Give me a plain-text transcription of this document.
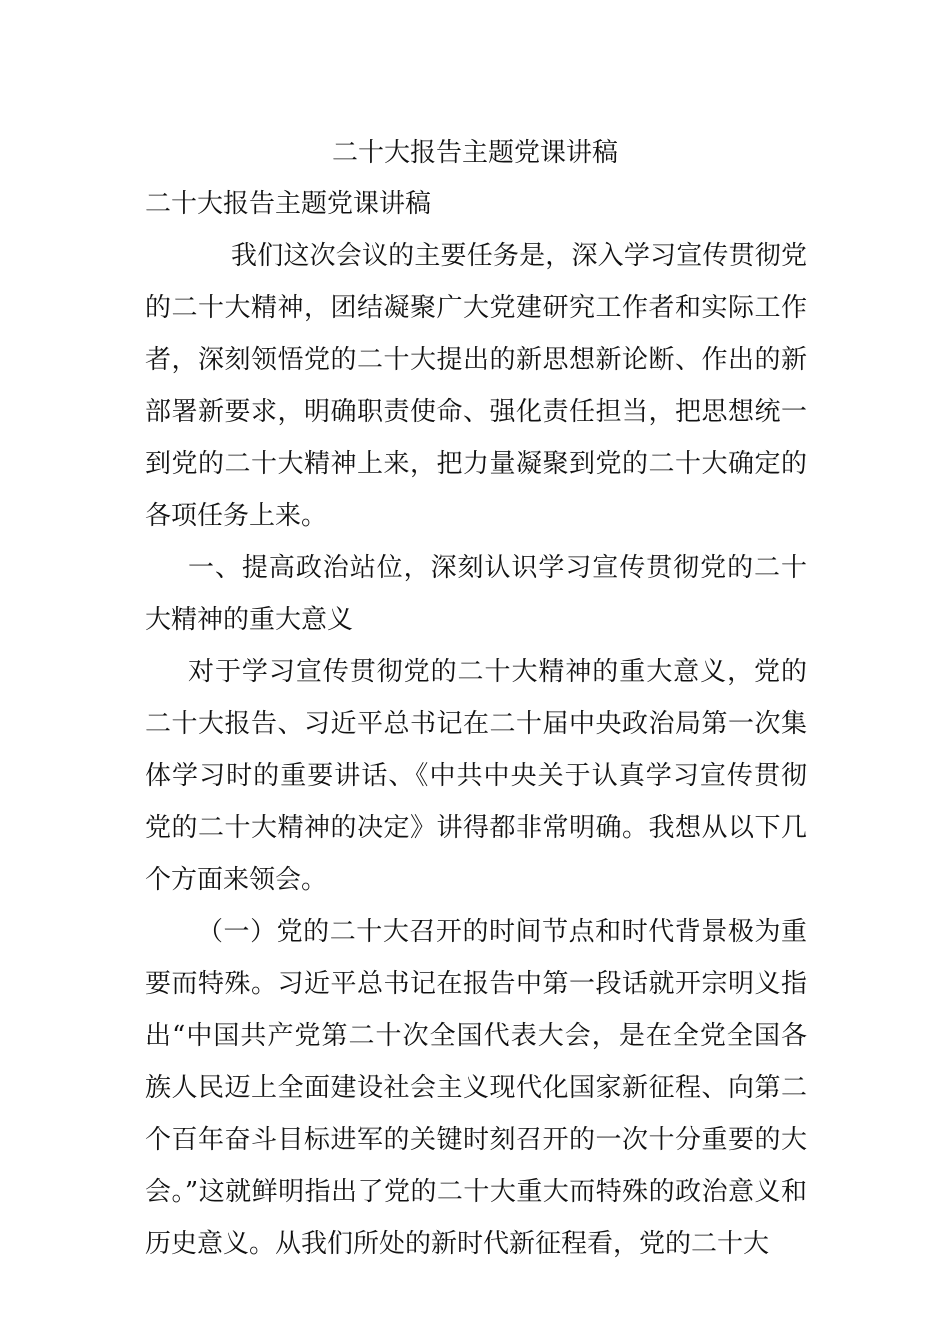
二十大报告主题党课讲稿

二十大报告主题党课讲稿

我们这次会议的主要任务是，深入学习宣传贯彻党的二十大精神，团结凝聚广大党建研究工作者和实际工作者，深刻领悟党的二十大提出的新思想新论断、作出的新部署新要求，明确职责使命、强化责任担当，把思想统一到党的二十大精神上来，把力量凝聚到党的二十大确定的各项任务上来。

一、提高政治站位，深刻认识学习宣传贯彻党的二十大精神的重大意义

对于学习宣传贯彻党的二十大精神的重大意义，党的二十大报告、习近平总书记在二十届中央政治局第一次集体学习时的重要讲话、《中共中央关于认真学习宣传贯彻党的二十大精神的决定》讲得都非常明确。我想从以下几个方面来领会。

（一）党的二十大召开的时间节点和时代背景极为重要而特殊。习近平总书记在报告中第一段话就开宗明义指出“中国共产党第二十次全国代表大会，是在全党全国各族人民迈上全面建设社会主义现代化国家新征程、向第二个百年奋斗目标进军的关键时刻召开的一次十分重要的大会。”这就鲜明指出了党的二十大重大而特殊的政治意义和历史意义。从我们所处的新时代新征程看，党的二十大
